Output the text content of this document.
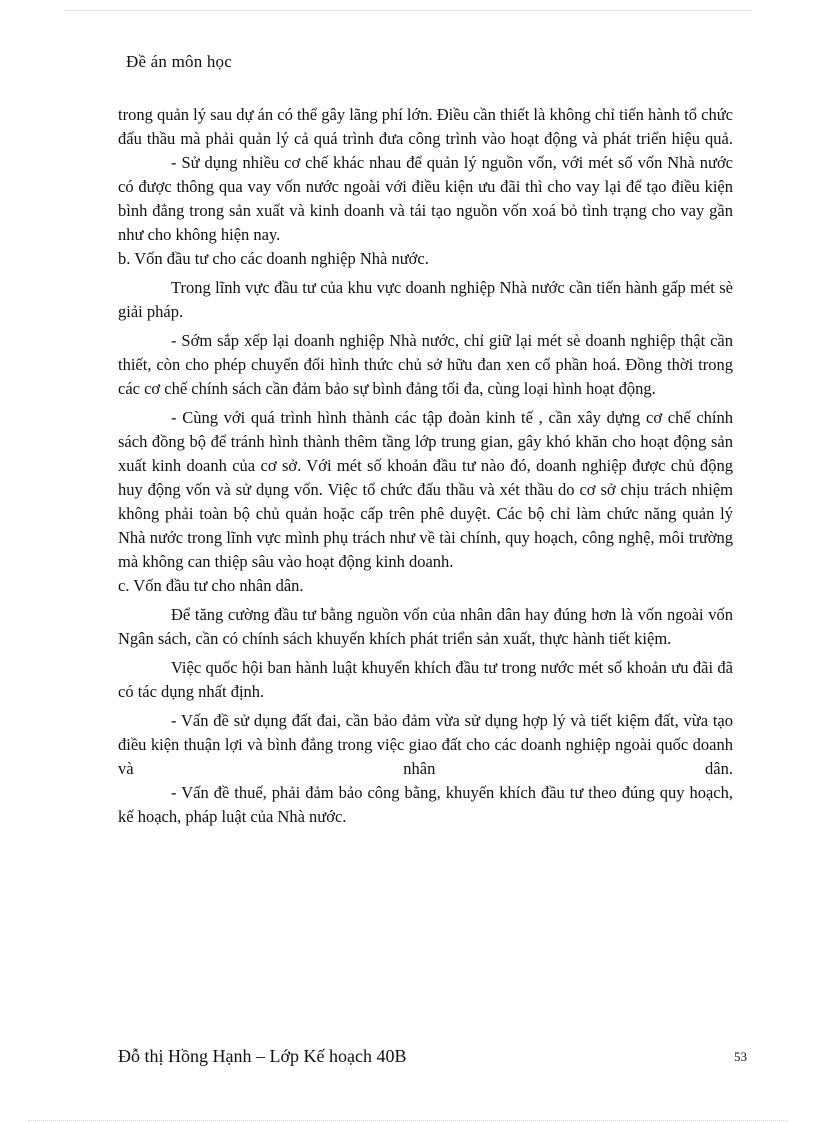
Đề án môn học

trong quản lý sau dự án có thể gây lãng phí lớn. Điều cần thiết là không chỉ tiến hành tổ chức đấu thầu mà phải quản lý cả quá trình đưa công trình vào hoạt động và phát triển hiệu quả.

- Sử dụng nhiều cơ chế khác nhau để quản lý nguồn vốn, với mét số vốn Nhà nước có được thông qua vay vốn nước ngoài với điều kiện ưu đãi thì cho vay lại để tạo điều kiện bình đẳng trong sản xuất và kinh doanh và tái tạo nguồn vốn xoá bỏ tình trạng cho vay gần như cho không hiện nay.

b. Vốn đầu tư cho các doanh nghiệp Nhà nước.

Trong lĩnh vực đầu tư của khu vực doanh nghiệp Nhà nước cần tiến hành gấp mét sè giải pháp.

- Sớm sắp xếp lại doanh nghiệp Nhà nước, chỉ giữ lại mét sè doanh nghiệp thật cần thiết, còn cho phép chuyển đổi hình thức chủ sở hữu đan xen cổ phần hoá. Đồng thời trong các cơ chế chính sách cần đảm bảo sự bình đảng tối đa, cùng loại hình hoạt động.

- Cùng với quá trình hình thành các tập đoàn kinh tế , cần xây dựng cơ chế chính sách đồng bộ để tránh hình thành thêm tầng lớp trung gian, gây khó khăn cho hoạt động sản xuất kinh doanh của cơ sở. Với mét số khoản đầu tư nào đó, doanh nghiệp được chủ động huy động vốn và sử dụng vốn. Việc tổ chức đấu thầu và xét thầu do cơ sở chịu trách nhiệm không phải toàn bộ chủ quản hoặc cấp trên phê duyệt. Các bộ chỉ làm chức năng quản lý Nhà nước trong lĩnh vực mình phụ trách như về tài chính, quy hoạch, công nghệ, môi trường mà không can thiệp sâu vào hoạt động kinh doanh.

c. Vốn đầu tư cho nhân dân.

Để tăng cường đầu tư bằng nguồn vốn của nhân dân hay đúng hơn là vốn ngoài vốn Ngân sách, cần có chính sách khuyến khích phát triển sản xuất, thực hành tiết kiệm.

Việc quốc hội ban hành luật khuyến khích đầu tư trong nước mét số khoản ưu đãi đã có tác dụng nhất định.

- Vấn đề sử dụng đất đai, cần bảo đảm vừa sử dụng hợp lý và tiết kiệm đất, vừa tạo điều kiện thuận lợi và bình đẳng trong việc giao đất cho các doanh nghiệp ngoài quốc doanh và nhân dân.

- Vấn đề thuế, phải đảm bảo công bằng, khuyến khích đầu tư theo đúng quy hoạch, kế hoạch, pháp luật của Nhà nước.

Đỗ thị Hồng Hạnh – Lớp Kế hoạch 40B	53
